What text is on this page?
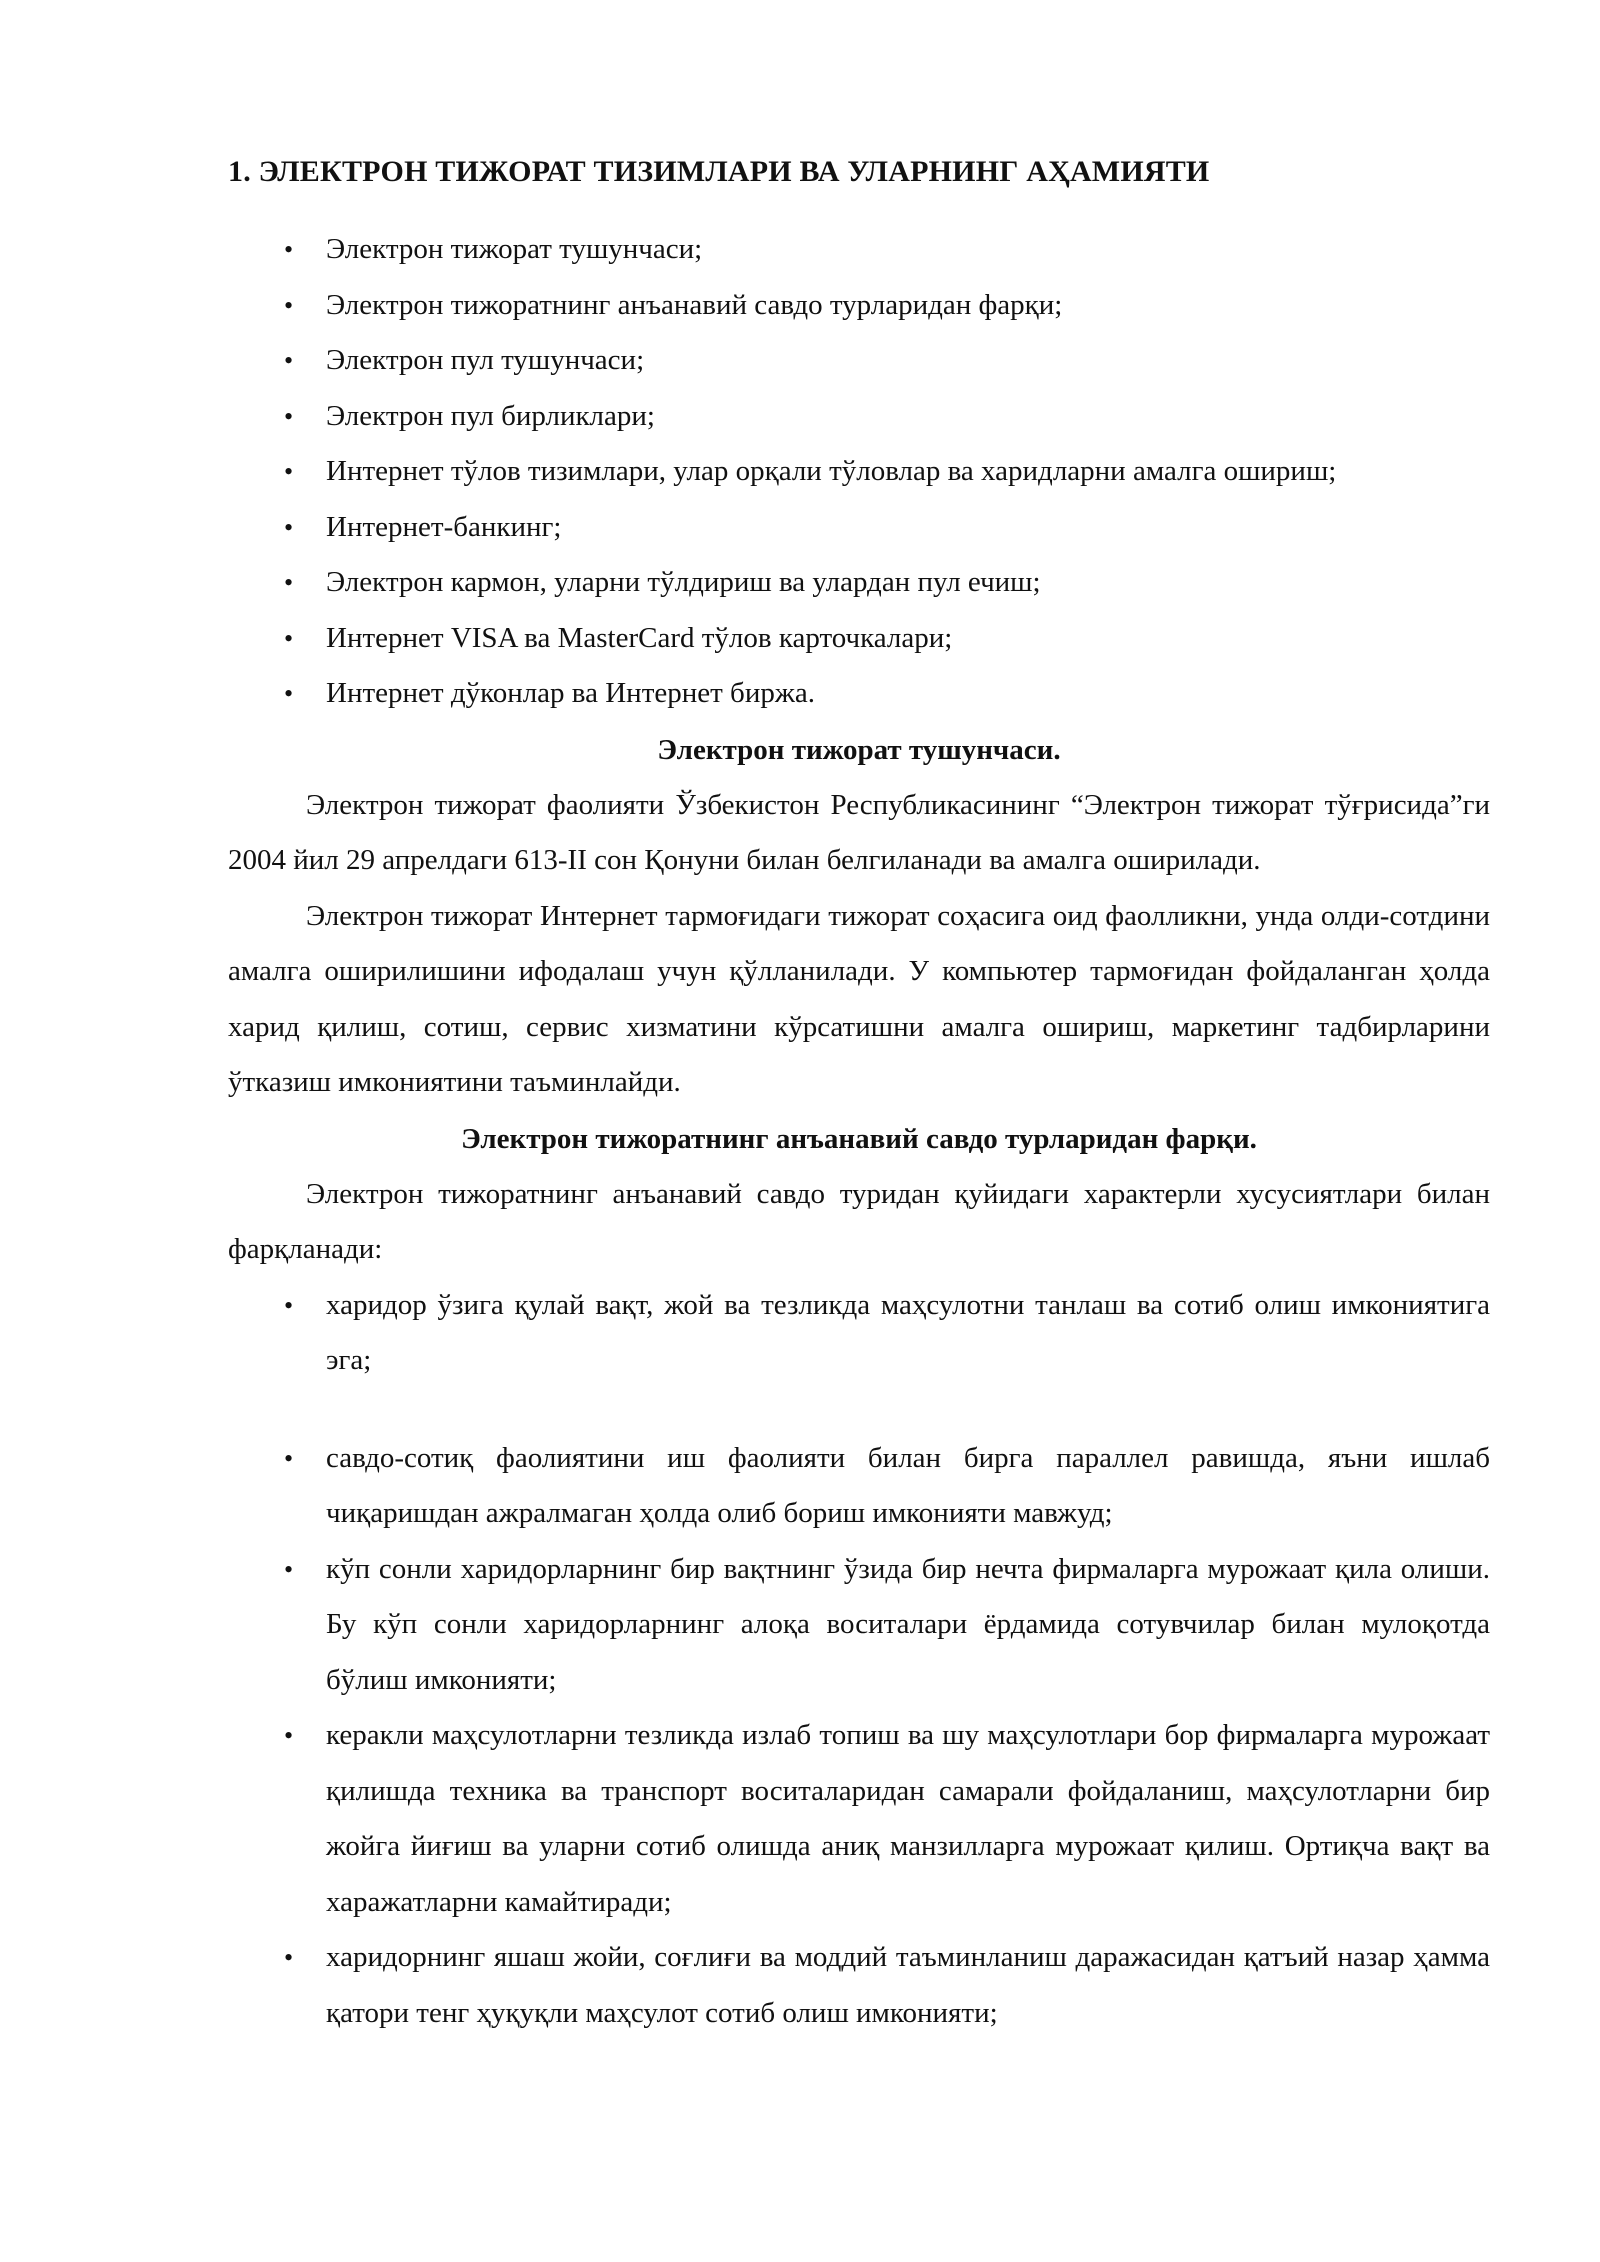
1. ЭЛЕКТРОН ТИЖОРАТ ТИЗИМЛАРИ ВА УЛАРНИНГ АҲАМИЯТИ
• Электрон тижорат тушунчаси;
• Электрон тижоратнинг анъанавий савдо турларидан фарқи;
• Электрон пул тушунчаси;
• Электрон пул бирликлари;
• Интернет тўлов тизимлари, улар орқали тўловлар ва харидларни амалга ошириш;
• Интернет-банкинг;
• Электрон кармон, уларни тўлдириш ва улардан пул ечиш;
• Интернет VISA ва MasterCard тўлов карточкалари;
• Интернет дўконлар ва Интернет биржа.
Электрон тижорат тушунчаси.

Электрон тижорат фаолияти Ўзбекистон Республикасининг “Электрон тижорат тўғрисида”ги 2004 йил 29 апрелдаги 613-II сон Қонуни билан белгиланади ва амалга оширилади.

Электрон тижорат Интернет тармоғидаги тижорат соҳасига оид фаолликни, унда олди-сотдини амалга оширилишини ифодалаш учун қўлланилади. У компьютер тармоғидан фойдаланган ҳолда харид қилиш, сотиш, сервис хизматини кўрсатишни амалга ошириш, маркетинг тадбирларини ўтказиш имкониятини таъминлайди.

Электрон тижоратнинг анъанавий савдо турларидан фарқи.

Электрон тижоратнинг анъанавий савдо туридан қуйидаги характерли хусусиятлари билан фарқланади:

• харидор ўзига қулай вақт, жой ва тезликда маҳсулотни танлаш ва сотиб олиш имкониятига эга;
• савдо-сотиқ фаолиятини иш фаолияти билан бирга параллел равишда, яъни ишлаб чиқаришдан ажралмаган ҳолда олиб бориш имконияти мавжуд;
• кўп сонли харидорларнинг бир вақтнинг ўзида бир нечта фирмаларга мурожаат қила олиши. Бу кўп сонли харидорларнинг алоқа воситалари ёрдамида сотувчилар билан мулоқотда бўлиш имконияти;
• керакли маҳсулотларни тезликда излаб топиш ва шу маҳсулотлари бор фирмаларга мурожаат қилишда техника ва транспорт воситаларидан самарали фойдаланиш, маҳсулотларни бир жойга йиғиш ва уларни сотиб олишда аниқ манзилларга мурожаат қилиш. Ортиқча вақт ва харажатларни камайтиради;
• харидорнинг яшаш жойи, соғлиғи ва моддий таъминланиш даражасидан қатъий назар ҳамма қатори тенг ҳуқуқли маҳсулот сотиб олиш имконияти;
